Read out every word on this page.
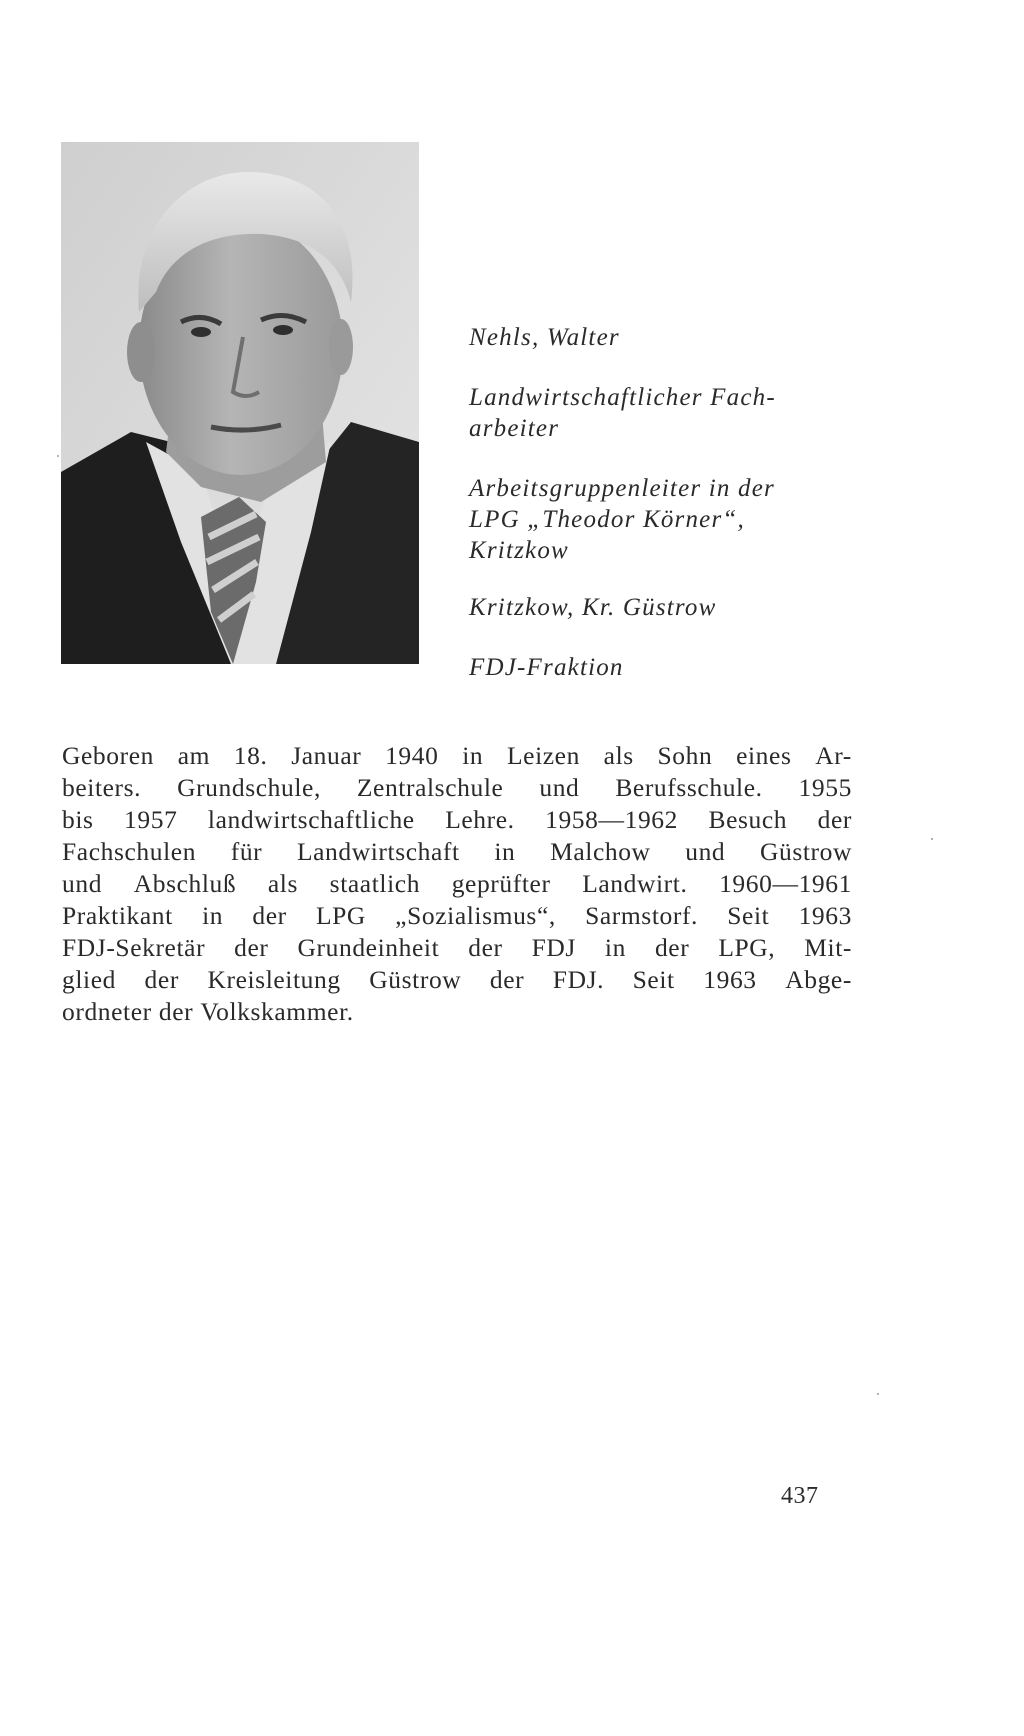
Nehls, Walter
Landwirtschaftlicher Fach-
arbeiter
Arbeitsgruppenleiter in der
LPG „Theodor Körner“,
Kritzkow
Kritzkow, Kr. Güstrow
FDJ-Fraktion
Geboren am 18. Januar 1940 in Leizen als Sohn eines Ar-
beiters. Grundschule, Zentralschule und Berufsschule. 1955
bis 1957 landwirtschaftliche Lehre. 1958—1962 Besuch der
Fachschulen für Landwirtschaft in Malchow und Güstrow
und Abschluß als staatlich geprüfter Landwirt. 1960—1961
Praktikant in der LPG „Sozialismus“, Sarmstorf. Seit 1963
FDJ-Sekretär der Grundeinheit der FDJ in der LPG, Mit-
glied der Kreisleitung Güstrow der FDJ. Seit 1963 Abge-
ordneter der Volkskammer.
437
